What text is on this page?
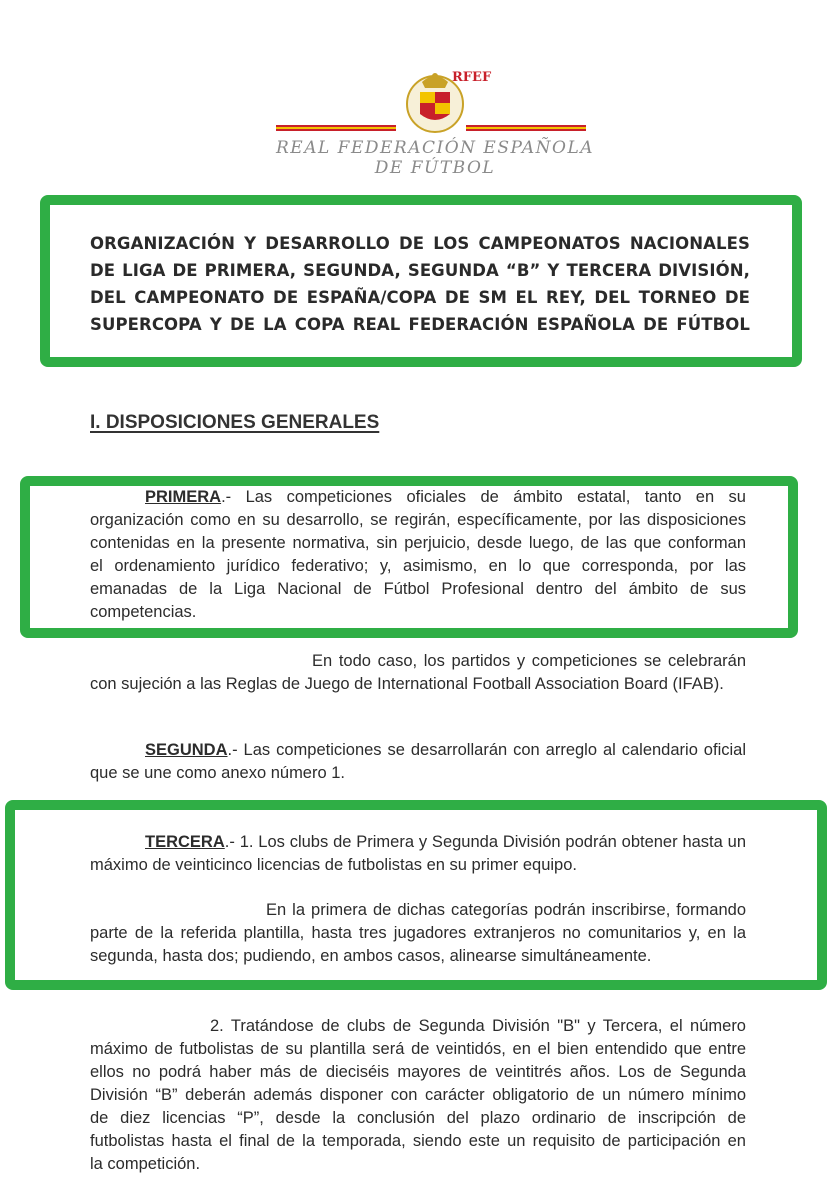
RFEF
REAL FEDERACIÓN ESPAÑOLA DE FÚTBOL
ORGANIZACIÓN Y DESARROLLO DE LOS CAMPEONATOS NACIONALES
DE LIGA DE PRIMERA, SEGUNDA, SEGUNDA “B” Y TERCERA DIVISIÓN,
DEL CAMPEONATO DE ESPAÑA/COPA DE SM EL REY, DEL TORNEO DE
SUPERCOPA Y DE LA COPA REAL FEDERACIÓN ESPAÑOLA DE FÚTBOL
I. DISPOSICIONES GENERALES
PRIMERA.- Las competiciones oficiales de ámbito estatal, tanto en su
organización como en su desarrollo, se regirán, específicamente, por las disposiciones
contenidas en la presente normativa, sin perjuicio, desde luego, de las que conforman
el ordenamiento jurídico federativo; y, asimismo, en lo que corresponda, por las
emanadas de la Liga Nacional de Fútbol Profesional dentro del ámbito de sus
competencias.
En todo caso, los partidos y competiciones se celebrarán
con sujeción a las Reglas de Juego de International Football Association Board (IFAB).
SEGUNDA.- Las competiciones se desarrollarán con arreglo al calendario oficial
que se une como anexo número 1.
TERCERA.- 1. Los clubs de Primera y Segunda División podrán obtener hasta un
máximo de veinticinco licencias de futbolistas en su primer equipo.
En la primera de dichas categorías podrán inscribirse, formando
parte de la referida plantilla, hasta tres jugadores extranjeros no comunitarios y, en la
segunda, hasta dos; pudiendo, en ambos casos, alinearse simultáneamente.
2. Tratándose de clubs de Segunda División "B" y Tercera, el número
máximo de futbolistas de su plantilla será de veintidós, en el bien entendido que entre
ellos no podrá haber más de dieciséis mayores de veintitrés años. Los de Segunda
División “B” deberán además disponer con carácter obligatorio de un número mínimo
de diez licencias “P”, desde la conclusión del plazo ordinario de inscripción de
futbolistas hasta el final de la temporada, siendo este un requisito de participación en
la competición.
